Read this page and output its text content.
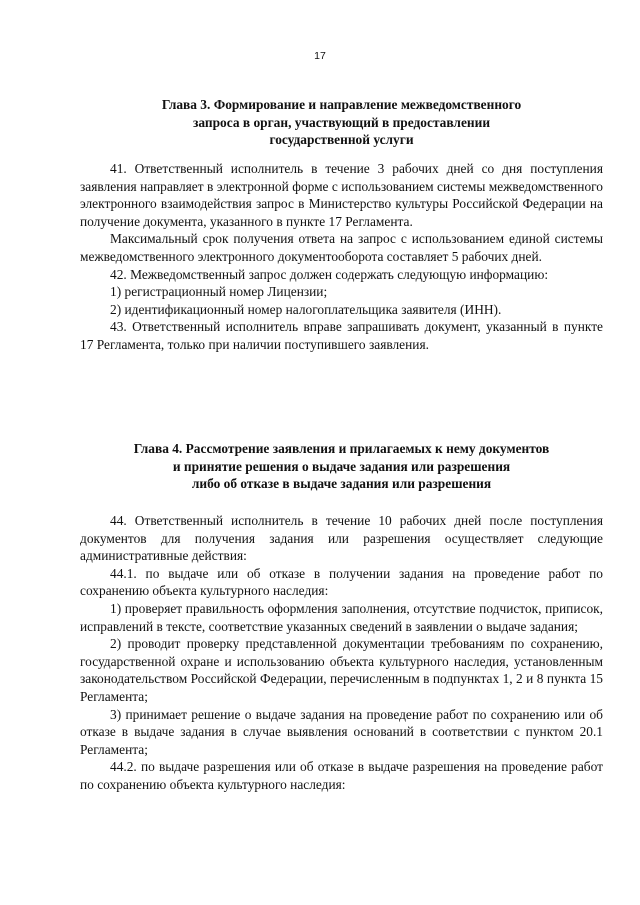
17
Глава 3. Формирование и направление межведомственного
запроса в орган, участвующий в предоставлении
государственной услуги

41. Ответственный исполнитель в течение 3 рабочих дней со дня поступления заявления направляет в электронной форме с использованием системы межведомственного электронного взаимодействия запрос в Министерство культуры Российской Федерации на получение документа, указанного в пункте 17 Регламента.

Максимальный срок получения ответа на запрос с использованием единой системы межведомственного электронного документооборота составляет 5 рабочих дней.

42. Межведомственный запрос должен содержать следующую информацию:

1) регистрационный номер Лицензии;

2) идентификационный номер налогоплательщика заявителя (ИНН).

43. Ответственный исполнитель вправе запрашивать документ, указанный в пункте 17 Регламента, только при наличии поступившего заявления.

Глава 4. Рассмотрение заявления и прилагаемых к нему документов
и принятие решения о выдаче задания или разрешения
либо об отказе в выдаче задания или разрешения

44. Ответственный исполнитель в течение 10 рабочих дней после поступления документов для получения задания или разрешения осуществляет следующие административные действия:

44.1. по выдаче или об отказе в получении задания на проведение работ по сохранению объекта культурного наследия:

1) проверяет правильность оформления заполнения, отсутствие подчисток, приписок, исправлений в тексте, соответствие указанных сведений в заявлении о выдаче задания;

2) проводит проверку представленной документации требованиям по сохранению, государственной охране и использованию объекта культурного наследия, установленным законодательством Российской Федерации, перечисленным в подпунктах 1, 2 и 8 пункта 15 Регламента;

3) принимает решение о выдаче задания на проведение работ по сохранению или об отказе в выдаче задания в случае выявления оснований в соответствии с пунктом 20.1 Регламента;

44.2. по выдаче разрешения или об отказе в выдаче разрешения на проведение работ по сохранению объекта культурного наследия:
